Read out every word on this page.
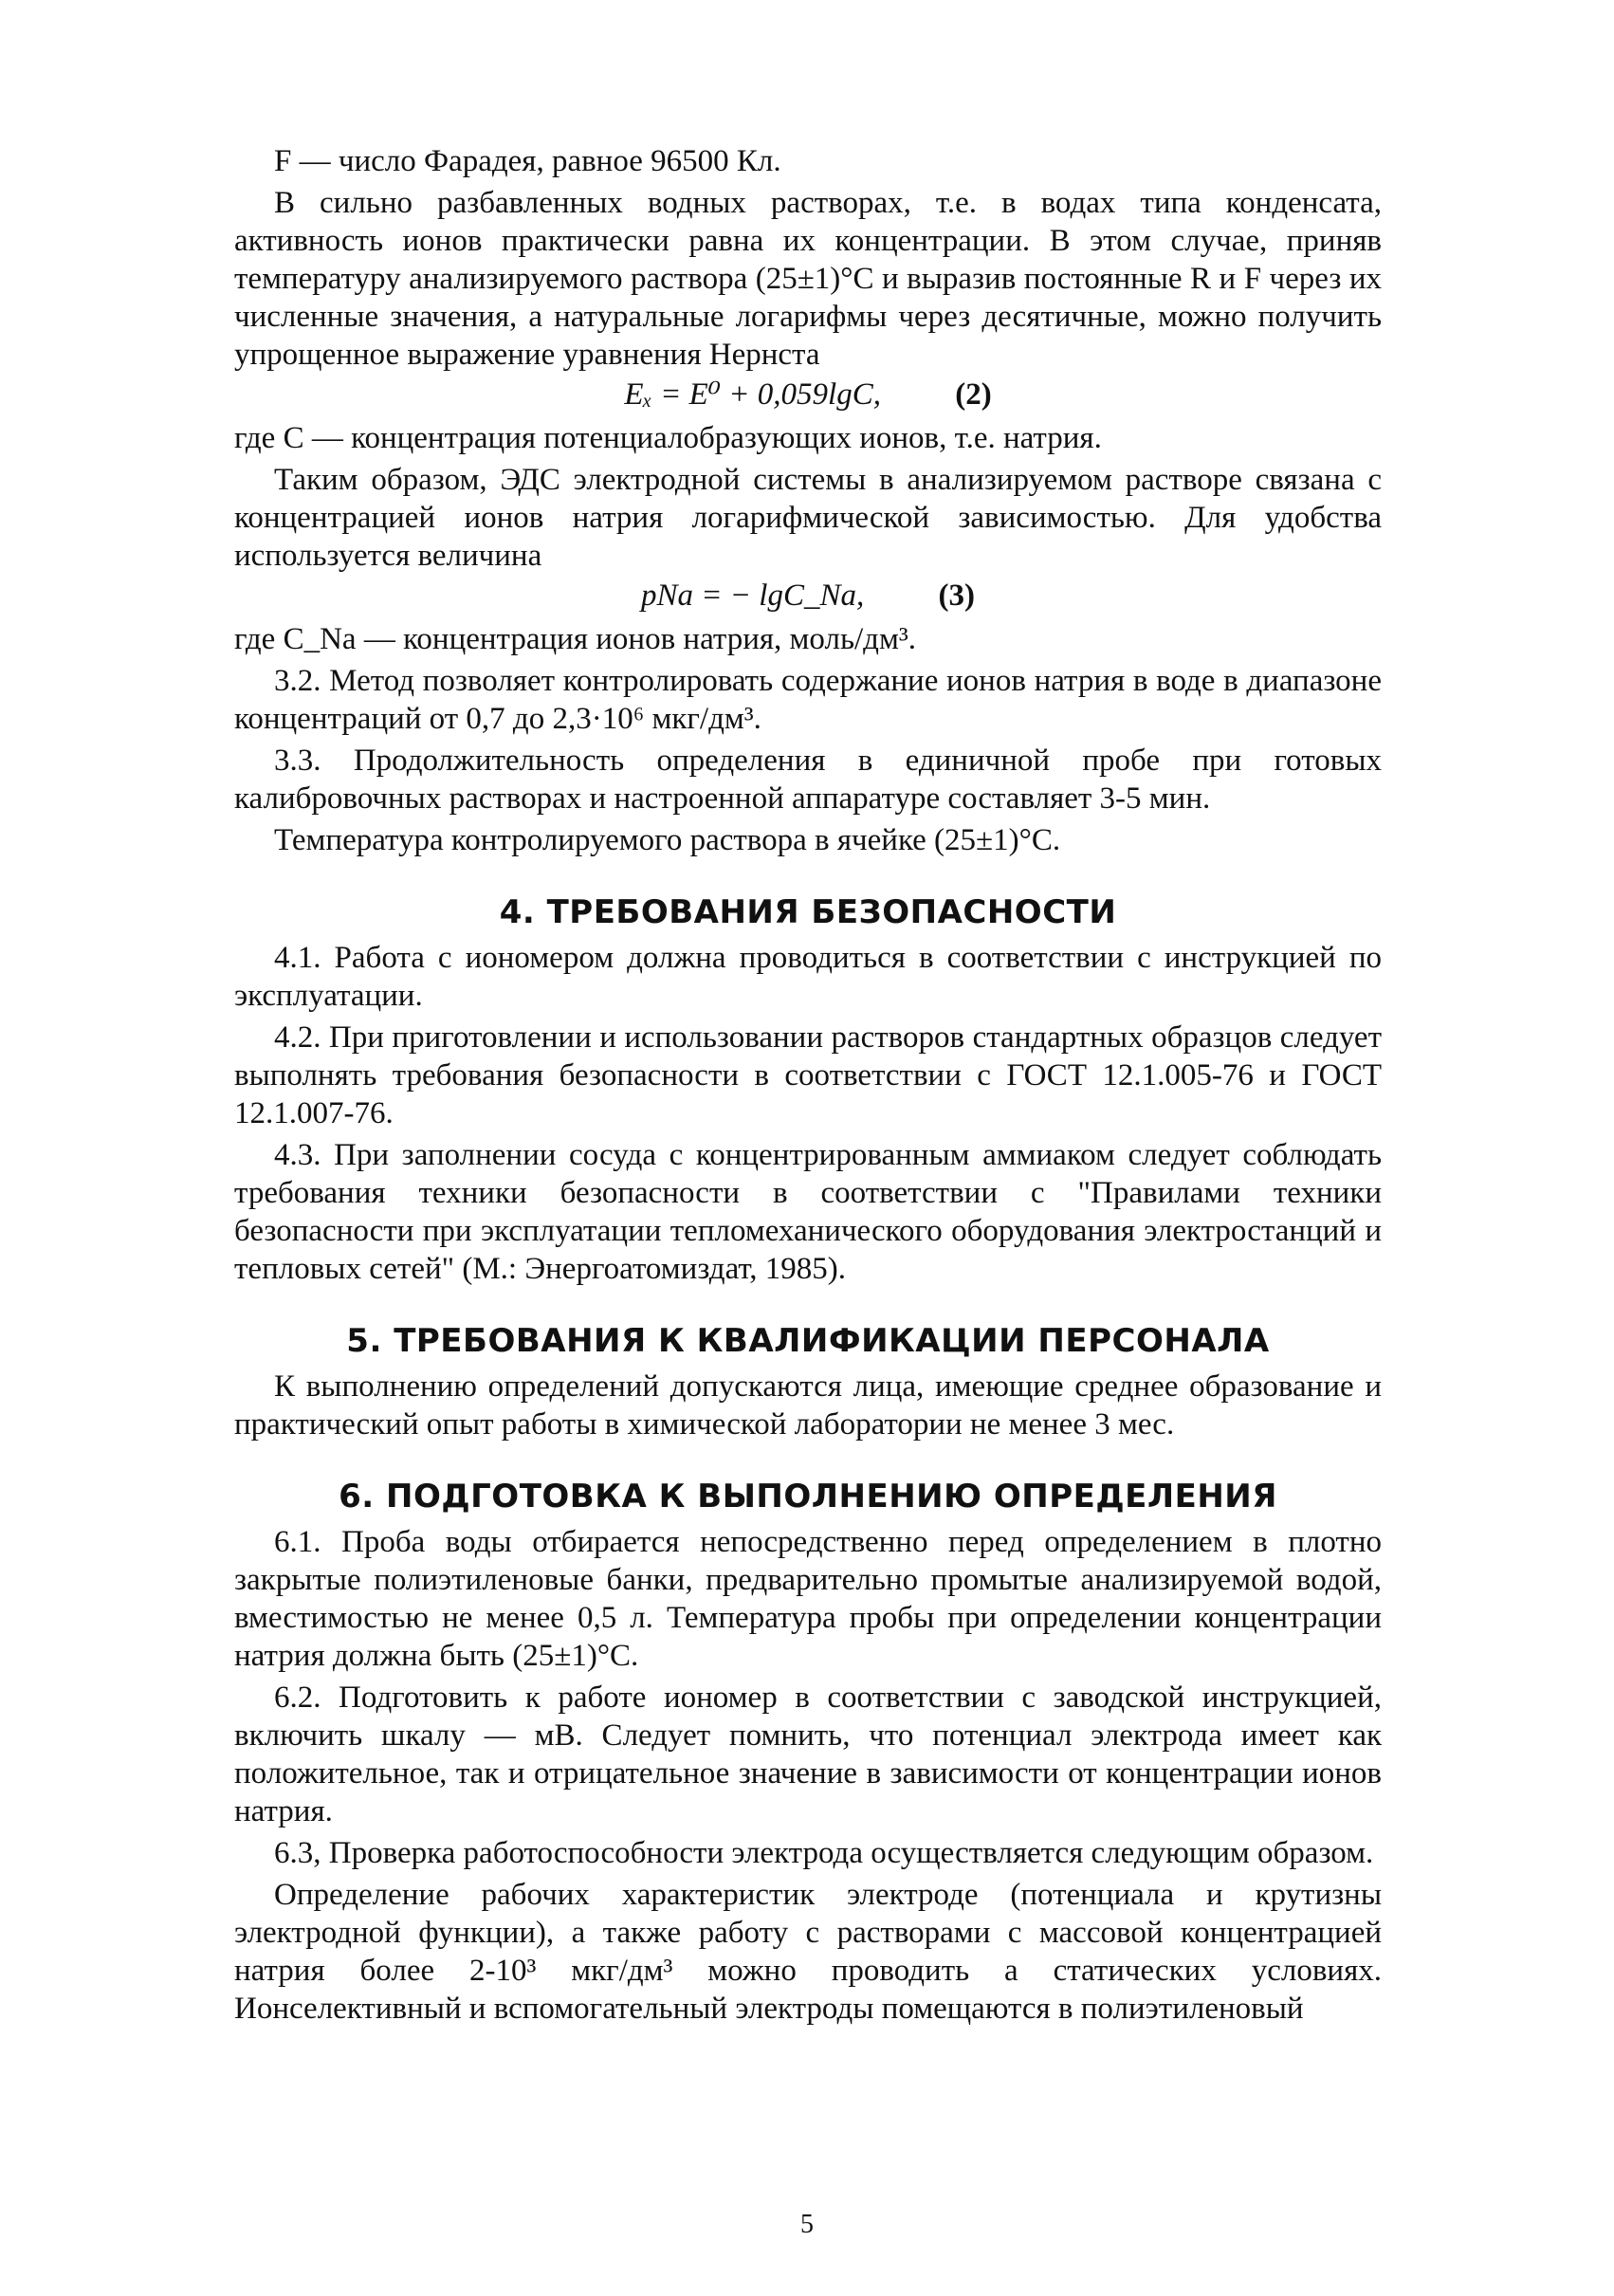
F — число Фарадея, равное 96500 Кл.

В сильно разбавленных водных растворах, т.е. в водах типа конденсата, активность ионов практически равна их концентрации. В этом случае, приняв температуру анализируемого раствора (25±1)°С и выразив постоянные R и F через их численные значения, а натуральные логарифмы через десятичные, можно получить упрощенное выражение уравнения Нернста

Eₓ = E⁰ + 0,059lgC, (2)

где C — концентрация потенциалобразующих ионов, т.е. натрия.

Таким образом, ЭДС электродной системы в анализируемом растворе связана с концентрацией ионов натрия логарифмической зависимостью. Для удобства используется величина

pNa = − lgC_Na, (3)

где C_Na — концентрация ионов натрия, моль/дм³.

3.2. Метод позволяет контролировать содержание ионов натрия в воде в диапазоне концентраций от 0,7 до 2,3·10⁶ мкг/дм³.

3.3. Продолжительность определения в единичной пробе при готовых калибровочных растворах и настроенной аппаратуре составляет 3-5 мин.

Температура контролируемого раствора в ячейке (25±1)°С.

4. ТРЕБОВАНИЯ БЕЗОПАСНОСТИ

4.1. Работа с иономером должна проводиться в соответствии с инструкцией по эксплуатации.

4.2. При приготовлении и использовании растворов стандартных образцов следует выполнять требования безопасности в соответствии с ГОСТ 12.1.005-76 и ГОСТ 12.1.007-76.

4.3. При заполнении сосуда с концентрированным аммиаком следует соблюдать требования техники безопасности в соответствии с "Правилами техники безопасности при эксплуатации тепломеханического оборудования электростанций и тепловых сетей" (М.: Энергоатомиздат, 1985).

5. ТРЕБОВАНИЯ К КВАЛИФИКАЦИИ ПЕРСОНАЛА

К выполнению определений допускаются лица, имеющие среднее образование и практический опыт работы в химической лаборатории не менее 3 мес.

6. ПОДГОТОВКА К ВЫПОЛНЕНИЮ ОПРЕДЕЛЕНИЯ

6.1. Проба воды отбирается непосредственно перед определением в плотно закрытые полиэтиленовые банки, предварительно промытые анализируемой водой, вместимостью не менее 0,5 л. Температура пробы при определении концентрации натрия должна быть (25±1)°С.

6.2. Подготовить к работе иономер в соответствии с заводской инструкцией, включить шкалу — мВ. Следует помнить, что потенциал электрода имеет как положительное, так и отрицательное значение в зависимости от концентрации ионов натрия.

6.3, Проверка работоспособности электрода осуществляется следующим образом.

Определение рабочих характеристик электроде (потенциала и крутизны электродной функции), а также работу с растворами с массовой концентрацией натрия более 2-10³ мкг/дм³ можно проводить а статических условиях. Ионселективный и вспомогательный электроды помещаются в полиэтиленовый

5
